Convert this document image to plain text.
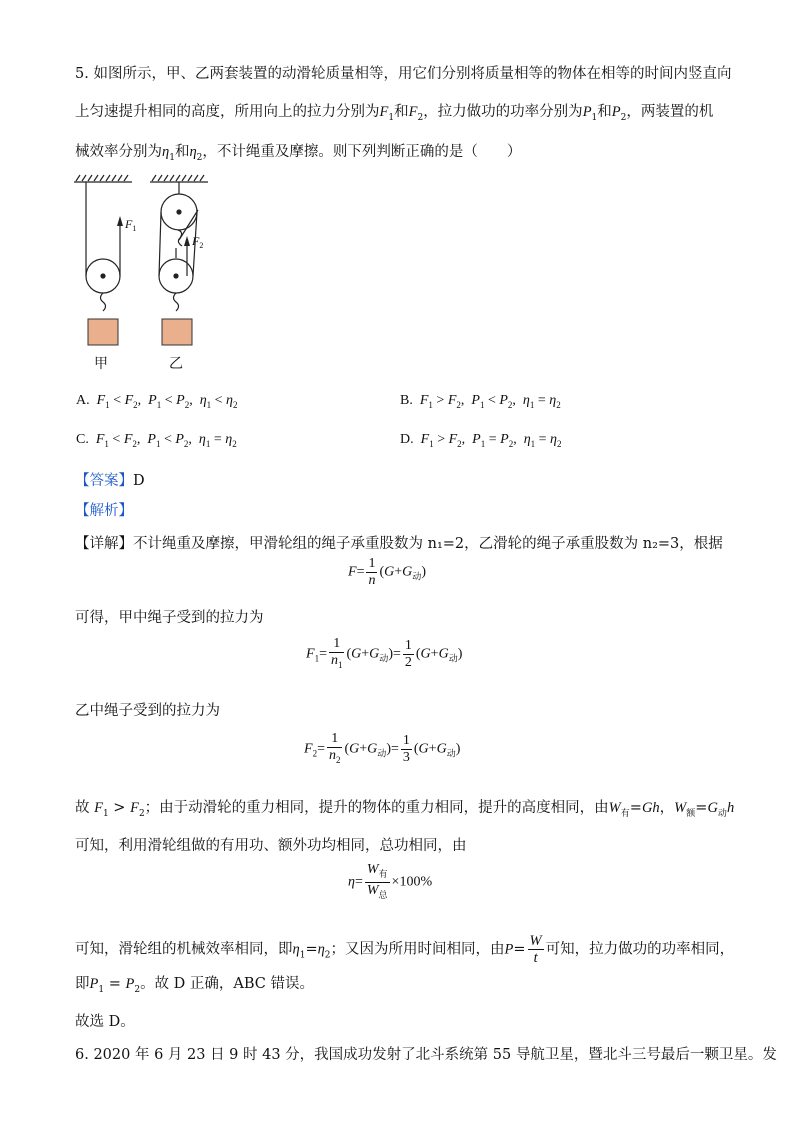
5. 如图所示，甲、乙两套装置的动滑轮质量相等，用它们分别将质量相等的物体在相等的时间内竖直向
上匀速提升相同的高度，所用向上的拉力分别为$F_1$和$F_2$，拉力做功的功率分别为$P_1$和$P_2$，两装置的机
械效率分别为$\eta_1$和$\eta_2$，不计绳重及摩擦。则下列判断正确的是（　　）
$F_1$
$F_2$
甲	乙
A. $F_1 < F_2$,  $P_1 < P_2$,  $\eta_1 < \eta_2$	B. $F_1 > F_2$,  $P_1 < P_2$,  $\eta_1 = \eta_2$
C. $F_1 < F_2$,  $P_1 < P_2$,  $\eta_1 = \eta_2$	D. $F_1 > F_2$,  $P_1 = P_2$,  $\eta_1 = \eta_2$
【答案】D
【解析】
【详解】不计绳重及摩擦，甲滑轮组的绳子承重股数为 n₁=2，乙滑轮的绳子承重股数为 n₂=3，根据
$F= \frac{1}{n} (G+G_动)$
可得，甲中绳子受到的拉力为
$F_1= \frac{1}{n_1} (G+G_动)= \frac{1}{2} (G+G_动)$
乙中绳子受到的拉力为
$F_2= \frac{1}{n_2} (G+G_动)= \frac{1}{3} (G+G_动)$
故 $F_1 > F_2$；由于动滑轮的重力相同，提升的物体的重力相同，提升的高度相同，由$W_有=Gh$，$W_额=G_动h$
可知，利用滑轮组做的有用功、额外功均相同，总功相同，由
$\eta= \frac{W_有}{W_总} \times 100\%$
可知，滑轮组的机械效率相同，即$\eta_1=\eta_2$；又因为所用时间相同，由$P= \frac{W}{t}$ 可知，拉力做功的功率相同，
即$P_1 = P_2$。故 D 正确，ABC 错误。
故选 D。
6. 2020 年 6 月 23 日 9 时 43 分，我国成功发射了北斗系统第 55 导航卫星，暨北斗三号最后一颗卫星。发
